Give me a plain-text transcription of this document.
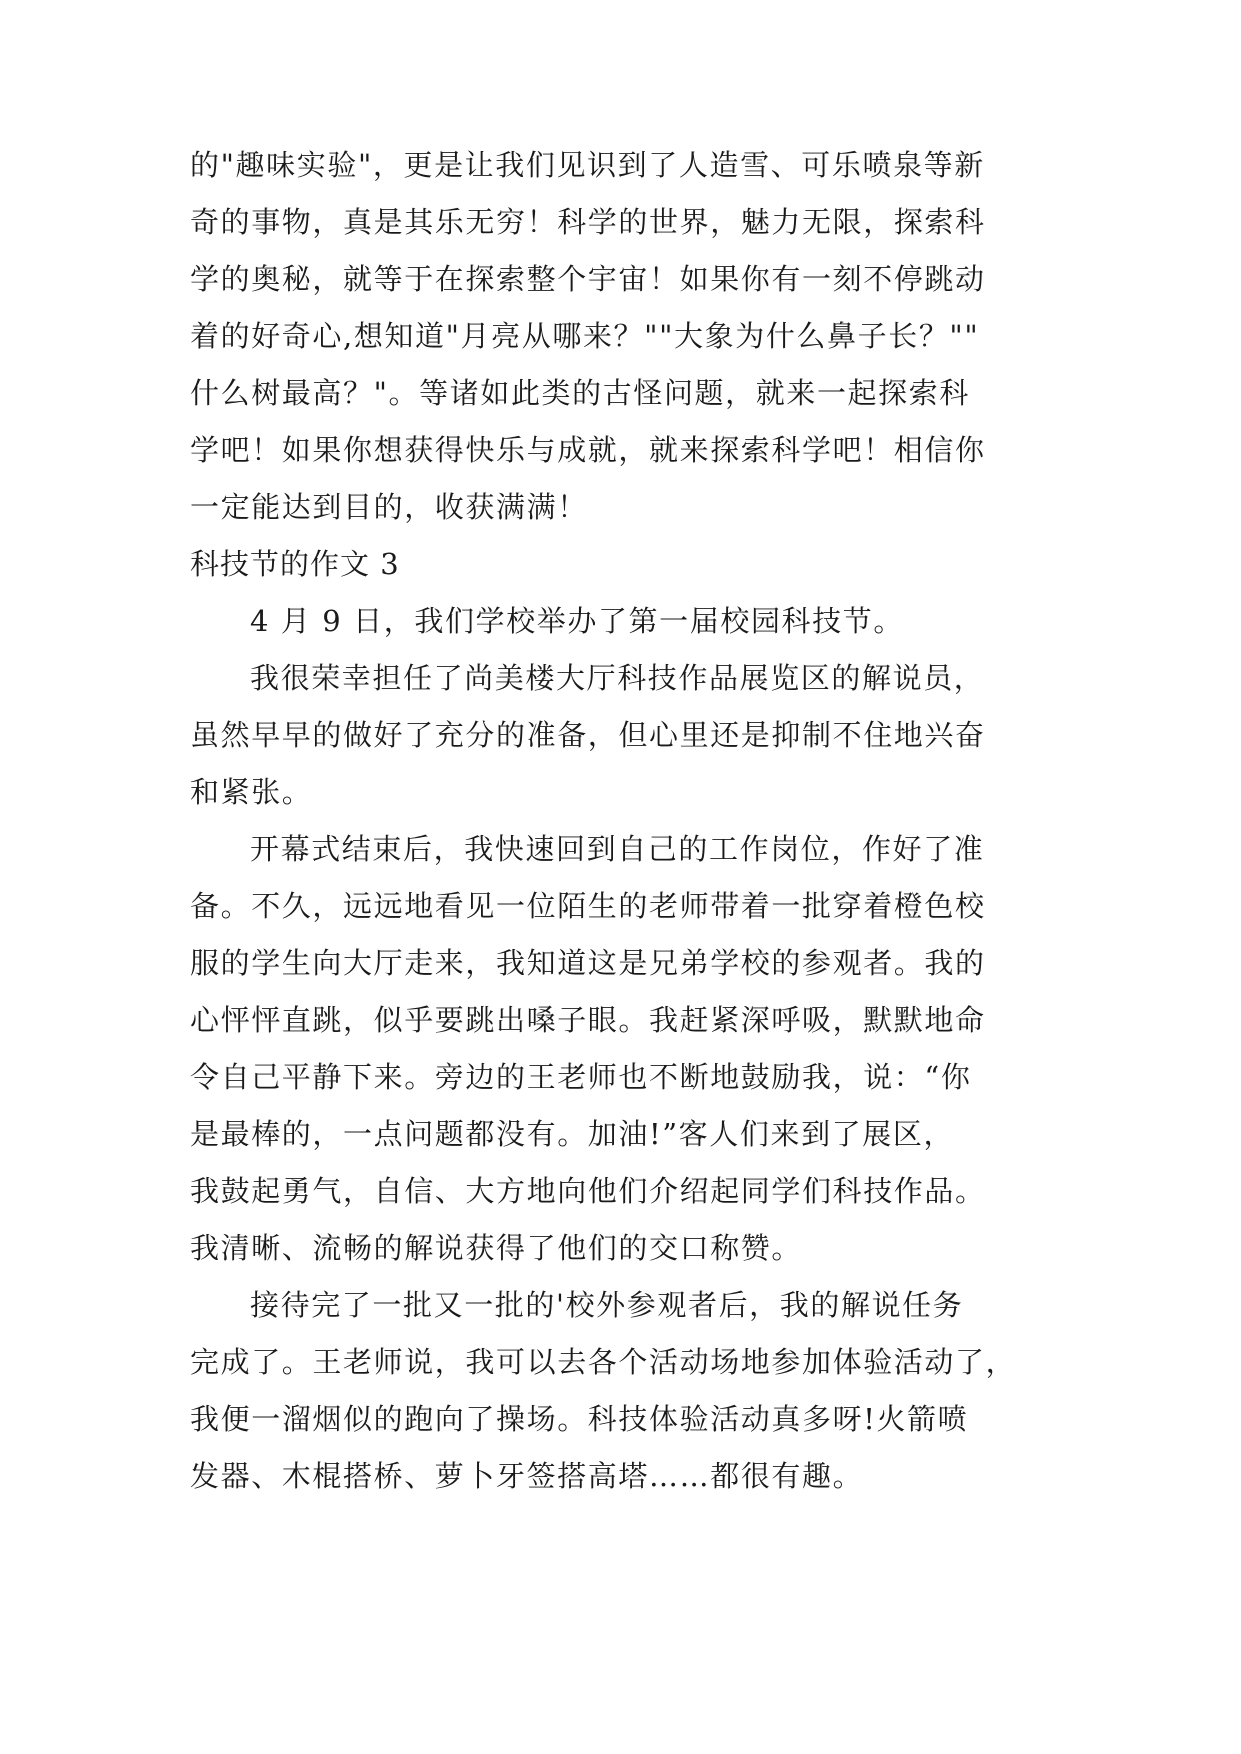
的"趣味实验"，更是让我们见识到了人造雪、可乐喷泉等新
奇的事物，真是其乐无穷！科学的世界，魅力无限，探索科
学的奥秘，就等于在探索整个宇宙！如果你有一刻不停跳动
着的好奇心,想知道"月亮从哪来？""大象为什么鼻子长？""
什么树最高？"。等诸如此类的古怪问题，就来一起探索科
学吧！如果你想获得快乐与成就，就来探索科学吧！相信你
一定能达到目的，收获满满！
科技节的作文 3
4 月 9 日，我们学校举办了第一届校园科技节。
我很荣幸担任了尚美楼大厅科技作品展览区的解说员，
虽然早早的做好了充分的准备，但心里还是抑制不住地兴奋
和紧张。
开幕式结束后，我快速回到自己的工作岗位，作好了准
备。不久，远远地看见一位陌生的老师带着一批穿着橙色校
服的学生向大厅走来，我知道这是兄弟学校的参观者。我的
心怦怦直跳，似乎要跳出嗓子眼。我赶紧深呼吸，默默地命
令自己平静下来。旁边的王老师也不断地鼓励我，说：“你
是最棒的，一点问题都没有。加油!”客人们来到了展区，
我鼓起勇气，自信、大方地向他们介绍起同学们科技作品。
我清晰、流畅的解说获得了他们的交口称赞。
接待完了一批又一批的'校外参观者后，我的解说任务
完成了。王老师说，我可以去各个活动场地参加体验活动了，
我便一溜烟似的跑向了操场。科技体验活动真多呀!火箭喷
发器、木棍搭桥、萝卜牙签搭高塔……都很有趣。
